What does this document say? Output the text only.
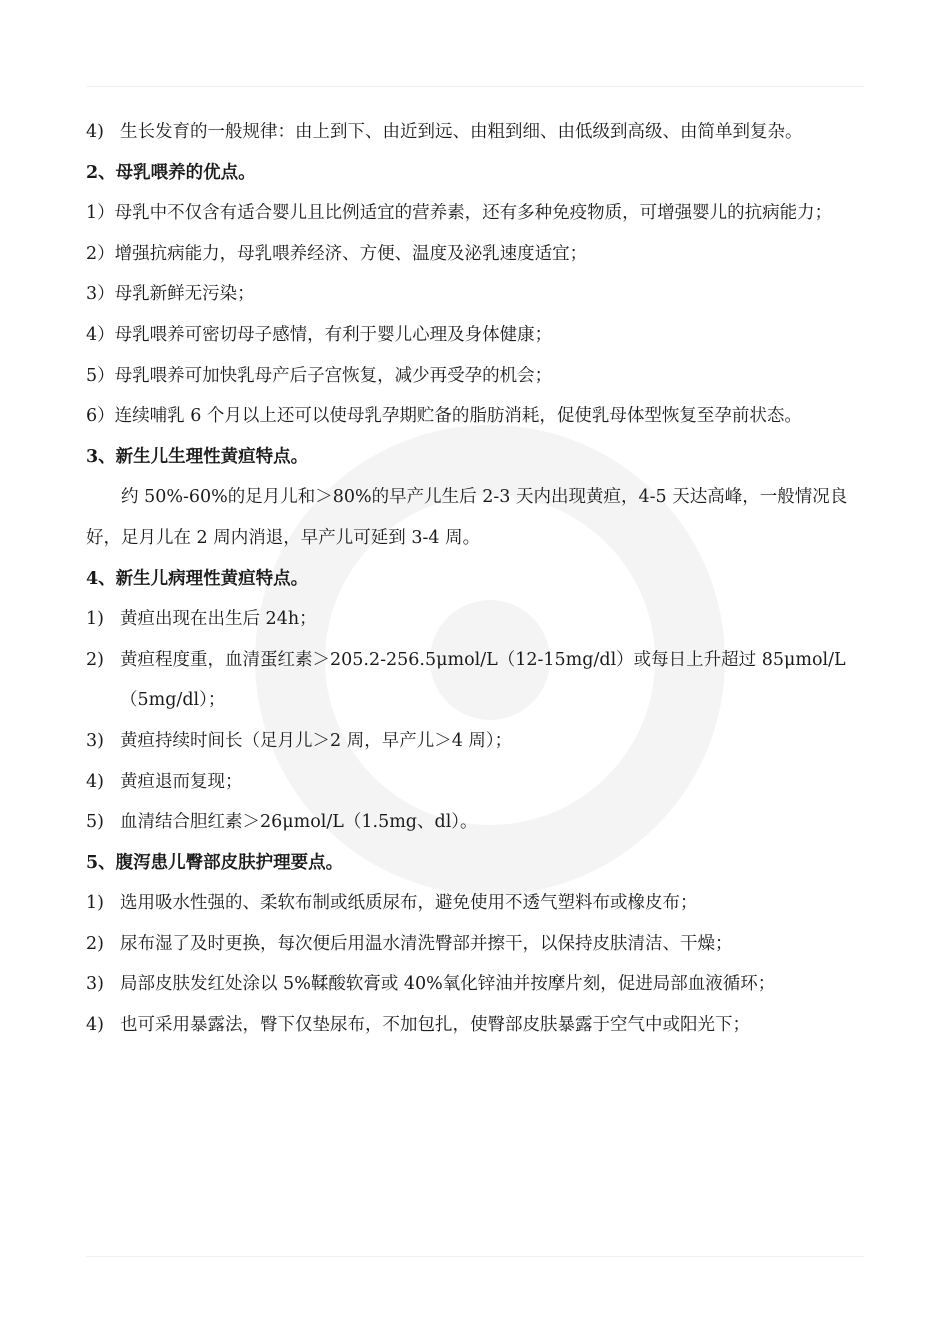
4) 生长发育的一般规律：由上到下、由近到远、由粗到细、由低级到高级、由简单到复杂。
2、母乳喂养的优点。
1）母乳中不仅含有适合婴儿且比例适宜的营养素，还有多种免疫物质，可增强婴儿的抗病能力；
2）增强抗病能力，母乳喂养经济、方便、温度及泌乳速度适宜；
3）母乳新鲜无污染；
4）母乳喂养可密切母子感情，有利于婴儿心理及身体健康；
5）母乳喂养可加快乳母产后子宫恢复，减少再受孕的机会；
6）连续哺乳 6 个月以上还可以使母乳孕期贮备的脂肪消耗，促使乳母体型恢复至孕前状态。
3、新生儿生理性黄疸特点。
约 50%-60%的足月儿和＞80%的早产儿生后 2-3 天内出现黄疸，4-5 天达高峰，一般情况良好，足月儿在 2 周内消退，早产儿可延到 3-4 周。
4、新生儿病理性黄疸特点。
1) 黄疸出现在出生后 24h；
2) 黄疸程度重，血清蛋红素＞205.2-256.5μmol/L（12-15mg/dl）或每日上升超过 85μmol/L（5mg/dl）；
3) 黄疸持续时间长（足月儿＞2 周，早产儿＞4 周）；
4) 黄疸退而复现；
5) 血清结合胆红素＞26μmol/L（1.5mg、dl）。
5、腹泻患儿臀部皮肤护理要点。
1) 选用吸水性强的、柔软布制或纸质尿布，避免使用不透气塑料布或橡皮布；
2) 尿布湿了及时更换，每次便后用温水清洗臀部并擦干，以保持皮肤清洁、干燥；
3) 局部皮肤发红处涂以 5%鞣酸软膏或 40%氧化锌油并按摩片刻，促进局部血液循环；
4) 也可采用暴露法，臀下仅垫尿布，不加包扎，使臀部皮肤暴露于空气中或阳光下；
